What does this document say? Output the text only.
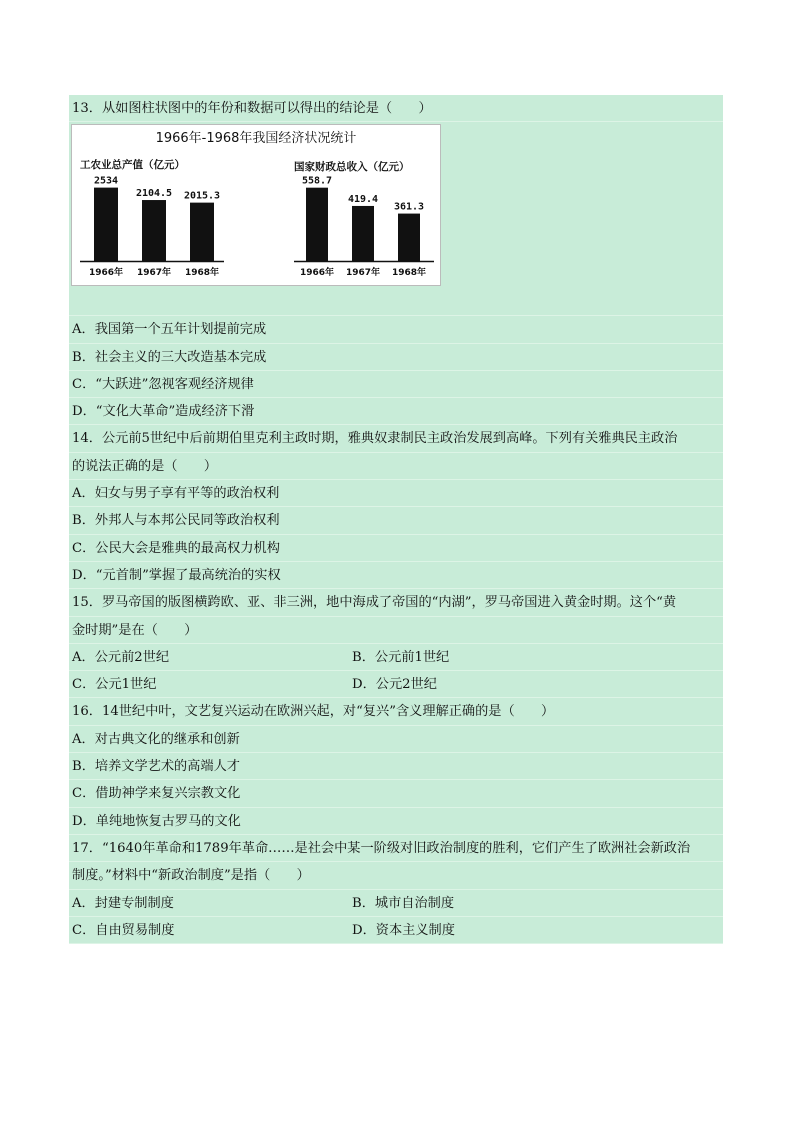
13．从如图柱状图中的年份和数据可以得出的结论是（　　）
1966年-1968年我国经济状况统计
工农业总产值（亿元）
2534
1966年
2104.5
1967年
2015.3
1968年
国家财政总收入（亿元）
558.7
1966年
419.4
1967年
361.3
1968年
A．我国第一个五年计划提前完成
B．社会主义的三大改造基本完成
C．“大跃进”忽视客观经济规律
D．“文化大革命”造成经济下滑
14．公元前5世纪中后前期伯里克利主政时期，雅典奴隶制民主政治发展到高峰。下列有关雅典民主政治
的说法正确的是（　　）
A．妇女与男子享有平等的政治权利
B．外邦人与本邦公民同等政治权利
C．公民大会是雅典的最高权力机构
D．“元首制”掌握了最高统治的实权
15．罗马帝国的版图横跨欧、亚、非三洲，地中海成了帝国的“内湖”，罗马帝国进入黄金时期。这个“黄
金时期”是在（　　）
A．公元前2世纪	B．公元前1世纪
C．公元1世纪	D．公元2世纪
16．14世纪中叶，文艺复兴运动在欧洲兴起，对“复兴”含义理解正确的是（　　）
A．对古典文化的继承和创新
B．培养文学艺术的高端人才
C．借助神学来复兴宗教文化
D．单纯地恢复古罗马的文化
17．“1640年革命和1789年革命……是社会中某一阶级对旧政治制度的胜利，它们产生了欧洲社会新政治
制度。”材料中“新政治制度”是指（　　）
A．封建专制制度	B．城市自治制度
C．自由贸易制度	D．资本主义制度
